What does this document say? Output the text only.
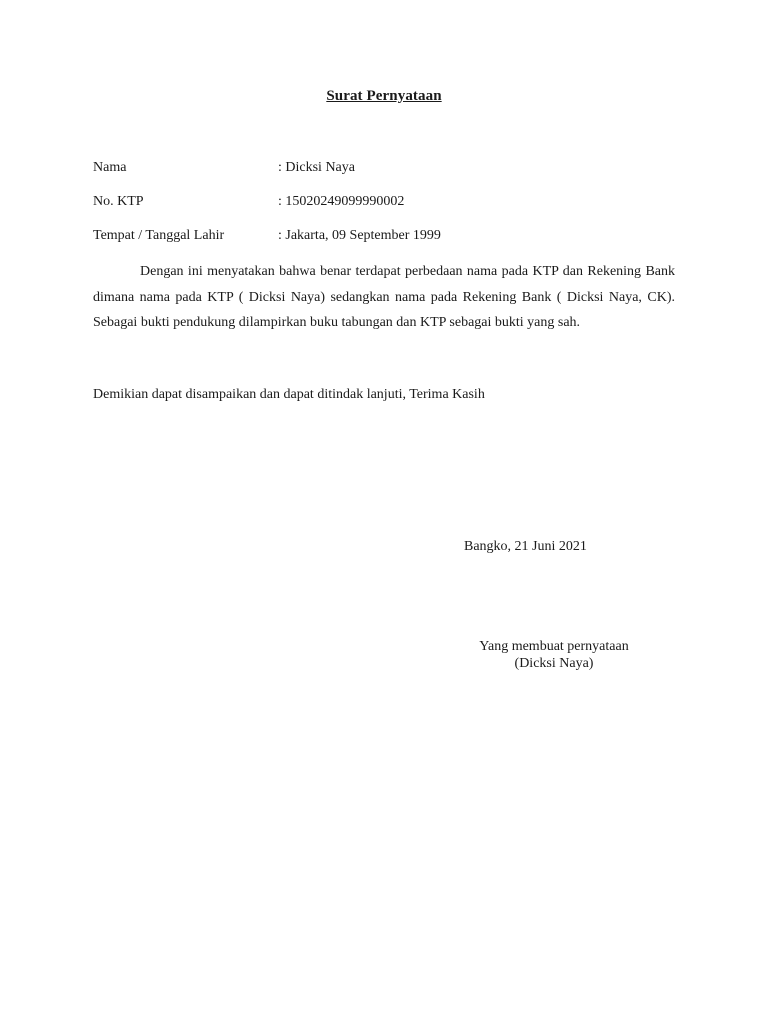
Surat Pernyataan
Nama	: Dicksi Naya
No. KTP	: 15020249099990002
Tempat / Tanggal Lahir	: Jakarta, 09 September 1999

Dengan ini menyatakan bahwa benar terdapat perbedaan nama pada KTP dan Rekening Bank dimana nama pada KTP ( Dicksi Naya) sedangkan nama pada Rekening Bank ( Dicksi Naya, CK). Sebagai bukti pendukung dilampirkan buku tabungan dan KTP sebagai bukti yang sah.

Demikian dapat disampaikan dan dapat ditindak lanjuti, Terima Kasih

Bangko, 21 Juni 2021
Yang membuat pernyataan
(Dicksi Naya)
